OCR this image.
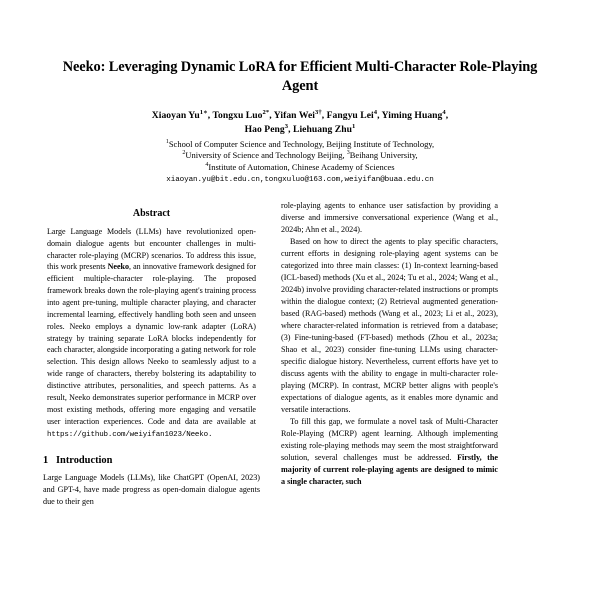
Neeko: Leveraging Dynamic LoRA for Efficient Multi-Character Role-Playing Agent
Xiaoyan $Yu^{1∗}$, Tongxu Luo$^{2*}$, Yifan Wei$^{3\dagger}$, Fangyu Lei$^4$, Yiming Huang$^4$,
Hao Peng$^3$, Liehuang Zhu$^1$
$^1$School of Computer Science and Technology, Beijing Institute of Technology,
$^2$University of Science and Technology Beijing, $^3$Beihang University,
$^4$Institute of Automation, Chinese Academy of Sciences
xiaoyan.yu@bit.edu.cn,tongxuluo@163.com,weiyifan@buaa.edu.cn
Abstract

Large Language Models (LLMs) have revolutionized open-domain dialogue agents but encounter challenges in multi-character role-playing (MCRP) scenarios. To address this issue, this work presents Neeko, an innovative framework designed for efficient multiple-character role-playing. The proposed framework breaks down the role-playing agent's training process into agent pre-tuning, multiple character playing, and character incremental learning, effectively handling both seen and unseen roles. Neeko employs a dynamic low-rank adapter (LoRA) strategy by training separate LoRA blocks independently for each character, alongside incorporating a gating network for role selection. This design allows Neeko to seamlessly adjust to a wide range of characters, thereby bolstering its adaptability to distinctive attributes, personalities, and speech patterns. As a result, Neeko demonstrates superior performance in MCRP over most existing methods, offering more engaging and versatile user interaction experiences. Code and data are available at https://github.com/weiyifan1023/Neeko.

1 Introduction

Large Language Models (LLMs), like ChatGPT (OpenAI, 2023) and GPT-4, have made progress as open-domain dialogue agents due to their gen

role-playing agents to enhance user satisfaction by providing a diverse and immersive conversational experience (Wang et al., 2024b; Ahn et al., 2024).

Based on how to direct the agents to play specific characters, current efforts in designing role-playing agent systems can be categorized into three main classes: (1) In-context learning-based (ICL-based) methods (Xu et al., 2024; Tu et al., 2024; Wang et al., 2024b) involve providing character-related instructions or prompts within the dialogue context; (2) Retrieval augmented generation-based (RAG-based) methods (Wang et al., 2023; Li et al., 2023), where character-related information is retrieved from a database; (3) Fine-tuning-based (FT-based) methods (Zhou et al., 2023a; Shao et al., 2023) consider fine-tuning LLMs using character-specific dialogue history. Nevertheless, current efforts have yet to discuss agents with the ability to engage in multi-character role-playing (MCRP). In contrast, MCRP better aligns with people's expectations of dialogue agents, as it enables more dynamic and versatile interactions.

To fill this gap, we formulate a novel task of Multi-Character Role-Playing (MCRP) agent learning. Although implementing existing role-playing methods may seem the most straightforward solution, several challenges must be addressed. Firstly, the majority of current role-playing agents are designed to mimic a single character, such
